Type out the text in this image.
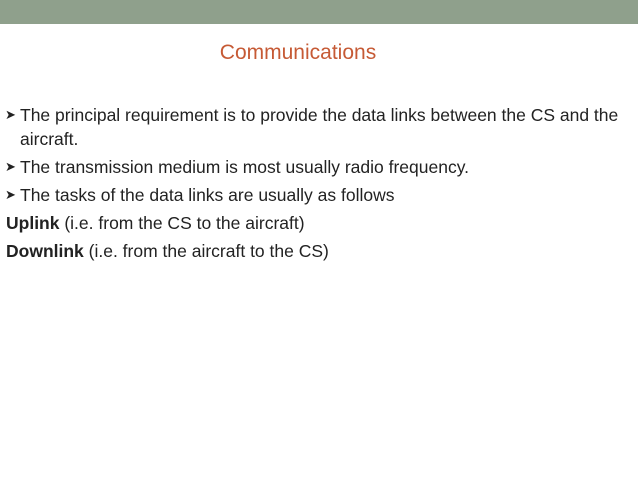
Communications
➤ The principal requirement is to provide the data links between the CS and the aircraft.
➤ The transmission medium is most usually radio frequency.
➤ The tasks of the data links are usually as follows
Uplink (i.e. from the CS to the aircraft)
Downlink (i.e. from the aircraft to the CS)
